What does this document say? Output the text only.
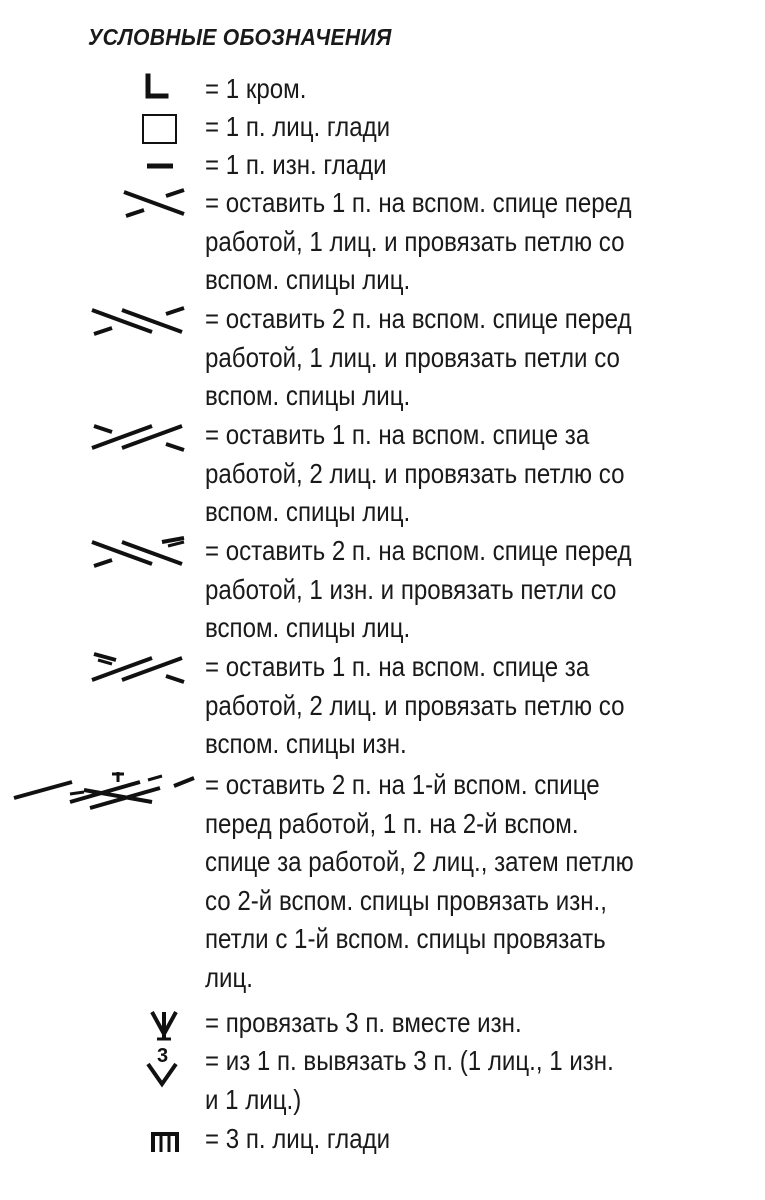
УСЛОВНЫЕ ОБОЗНАЧЕНИЯ
= 1 кром.
= 1 п. лиц. глади
= 1 п. изн. глади
= оставить 1 п. на вспом. спице перед
работой, 1 лиц. и провязать петлю со
вспом. спицы лиц.
= оставить 2 п. на вспом. спице перед
работой, 1 лиц. и провязать петли со
вспом. спицы лиц.
= оставить 1 п. на вспом. спице за
работой, 2 лиц. и провязать петлю со
вспом. спицы лиц.
= оставить 2 п. на вспом. спице перед
работой, 1 изн. и провязать петли со
вспом. спицы лиц.
= оставить 1 п. на вспом. спице за
работой, 2 лиц. и провязать петлю со
вспом. спицы изн.
= оставить 2 п. на 1-й вспом. спице
перед работой, 1 п. на 2-й вспом.
спице за работой, 2 лиц., затем петлю
со 2-й вспом. спицы провязать изн.,
петли с 1-й вспом. спицы провязать
лиц.
= провязать 3 п. вместе изн.
3 = из 1 п. вывязать 3 п. (1 лиц., 1 изн.
и 1 лиц.)
= 3 п. лиц. глади
